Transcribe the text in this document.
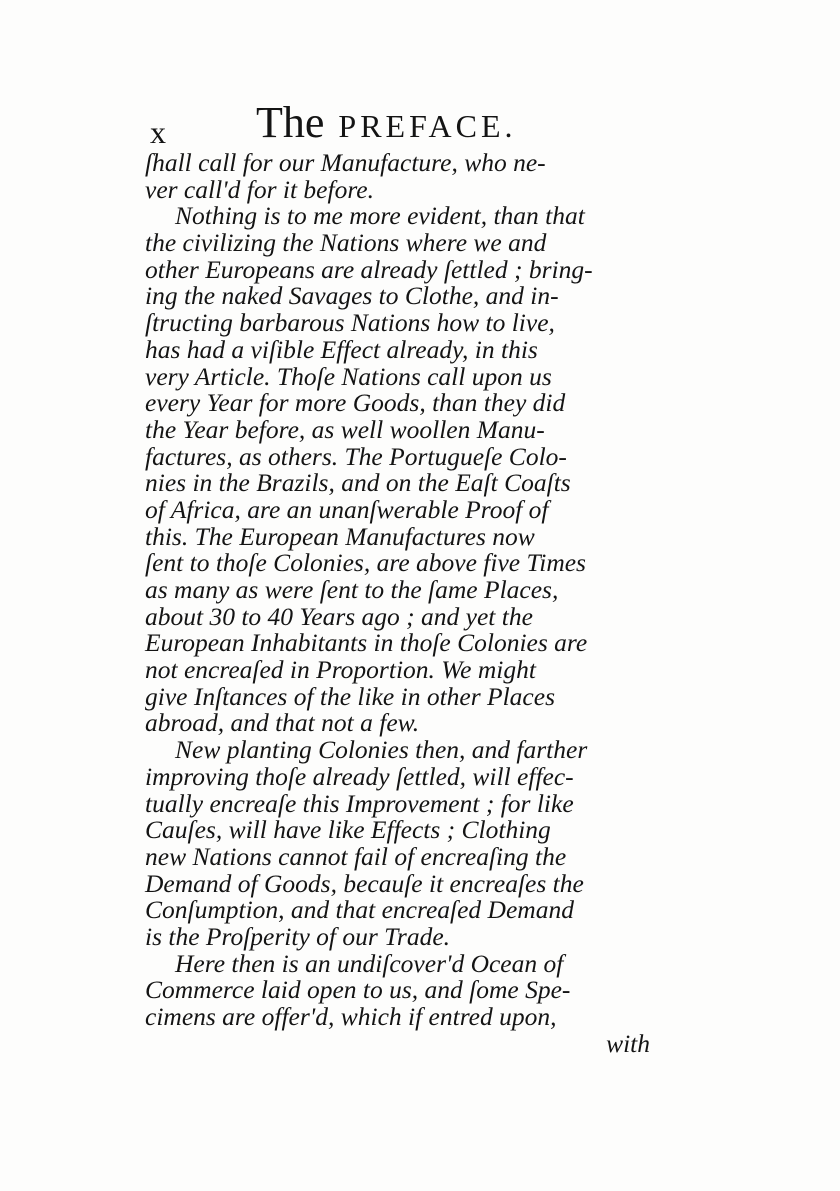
x The PREFACE.
ſhall call for our Manufacture, who ne-
ver call'd for it before.
Nothing is to me more evident, than that
the civilizing the Nations where we and
other Europeans are already ſettled ; bring-
ing the naked Savages to Clothe, and in-
ſtructing barbarous Nations how to live,
has had a viſible Effect already, in this
very Article. Thoſe Nations call upon us
every Year for more Goods, than they did
the Year before, as well woollen Manu-
factures, as others. The Portugueſe Colo-
nies in the Brazils, and on the Eaſt Coaſts
of Africa, are an unanſwerable Proof of
this. The European Manufactures now
ſent to thoſe Colonies, are above five Times
as many as were ſent to the ſame Places,
about 30 to 40 Years ago ; and yet the
European Inhabitants in thoſe Colonies are
not encreaſed in Proportion. We might
give Inſtances of the like in other Places
abroad, and that not a few.
New planting Colonies then, and farther
improving thoſe already ſettled, will effec-
tually encreaſe this Improvement ; for like
Cauſes, will have like Effects ; Clothing
new Nations cannot fail of encreaſing the
Demand of Goods, becauſe it encreaſes the
Conſumption, and that encreaſed Demand
is the Proſperity of our Trade.
Here then is an undiſcover'd Ocean of
Commerce laid open to us, and ſome Spe-
cimens are offer'd, which if entred upon,
with
